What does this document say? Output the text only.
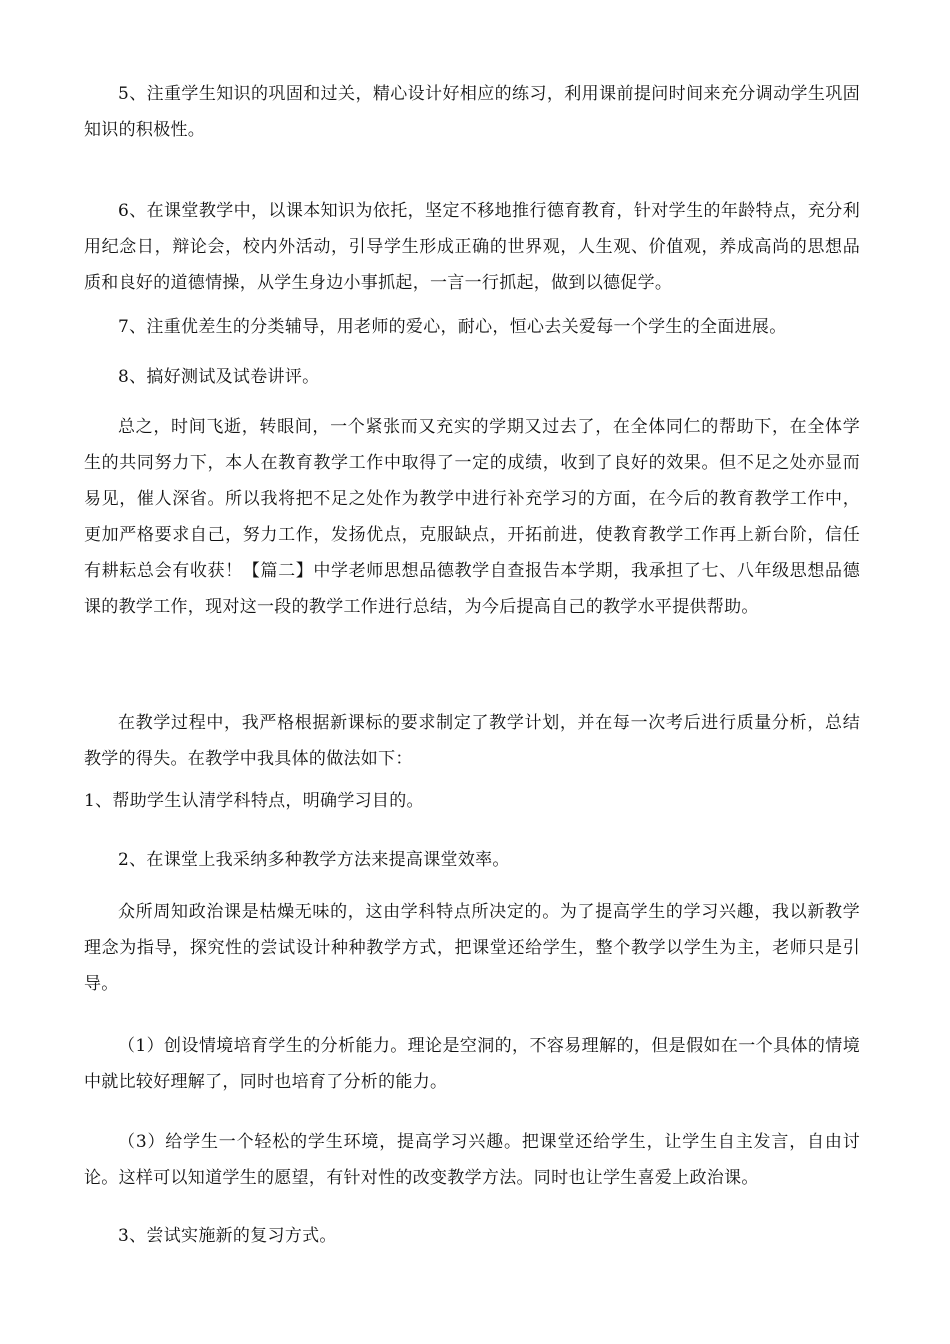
5、注重学生知识的巩固和过关，精心设计好相应的练习，利用课前提问时间来充分调动学生巩固知识的积极性。

6、在课堂教学中，以课本知识为依托，坚定不移地推行德育教育，针对学生的年龄特点，充分利用纪念日，辩论会，校内外活动，引导学生形成正确的世界观，人生观、价值观，养成高尚的思想品质和良好的道德情操，从学生身边小事抓起，一言一行抓起，做到以德促学。

7、注重优差生的分类辅导，用老师的爱心，耐心，恒心去关爱每一个学生的全面进展。

8、搞好测试及试卷讲评。

总之，时间飞逝，转眼间，一个紧张而又充实的学期又过去了，在全体同仁的帮助下，在全体学生的共同努力下，本人在教育教学工作中取得了一定的成绩，收到了良好的效果。但不足之处亦显而易见，催人深省。所以我将把不足之处作为教学中进行补充学习的方面，在今后的教育教学工作中，更加严格要求自己，努力工作，发扬优点，克服缺点，开拓前进，使教育教学工作再上新台阶，信任有耕耘总会有收获！【篇二】中学老师思想品德教学自查报告本学期，我承担了七、八年级思想品德课的教学工作，现对这一段的教学工作进行总结，为今后提高自己的教学水平提供帮助。

在教学过程中，我严格根据新课标的要求制定了教学计划，并在每一次考后进行质量分析，总结教学的得失。在教学中我具体的做法如下：

1、帮助学生认清学科特点，明确学习目的。

2、在课堂上我采纳多种教学方法来提高课堂效率。

众所周知政治课是枯燥无味的，这由学科特点所决定的。为了提高学生的学习兴趣，我以新教学理念为指导，探究性的尝试设计种种教学方式，把课堂还给学生，整个教学以学生为主，老师只是引导。

（1）创设情境培育学生的分析能力。理论是空洞的，不容易理解的，但是假如在一个具体的情境中就比较好理解了，同时也培育了分析的能力。

（3）给学生一个轻松的学生环境，提高学习兴趣。把课堂还给学生，让学生自主发言，自由讨论。这样可以知道学生的愿望，有针对性的改变教学方法。同时也让学生喜爱上政治课。

3、尝试实施新的复习方式。
